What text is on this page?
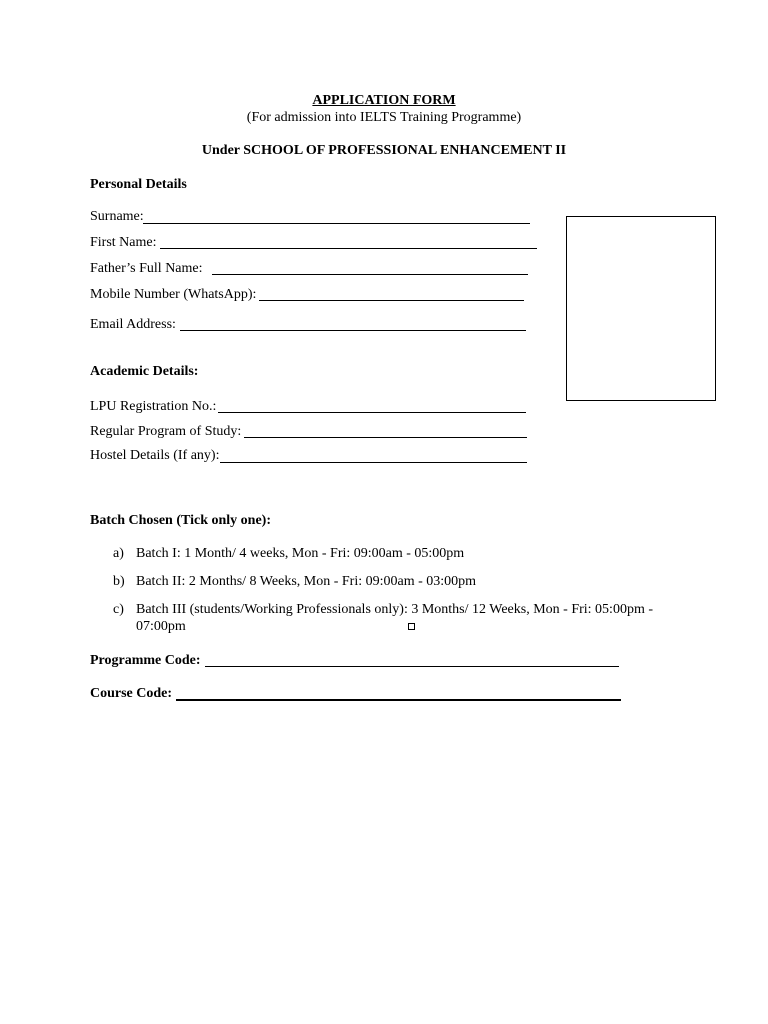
APPLICATION FORM
(For admission into IELTS Training Programme)
Under SCHOOL OF PROFESSIONAL ENHANCEMENT II
Personal Details
Surname:
First Name:
Father’s Full Name:
Mobile Number (WhatsApp):
Email Address:
Academic Details:
LPU Registration No.:
Regular Program of Study:
Hostel Details (If any):
Batch Chosen (Tick only one):
a) Batch I: 1 Month/ 4 weeks, Mon - Fri: 09:00am - 05:00pm
b) Batch II: 2 Months/ 8 Weeks, Mon - Fri: 09:00am - 03:00pm
c) Batch III (students/Working Professionals only): 3 Months/ 12 Weeks, Mon - Fri: 05:00pm -
07:00pm
Programme Code:
Course Code:
